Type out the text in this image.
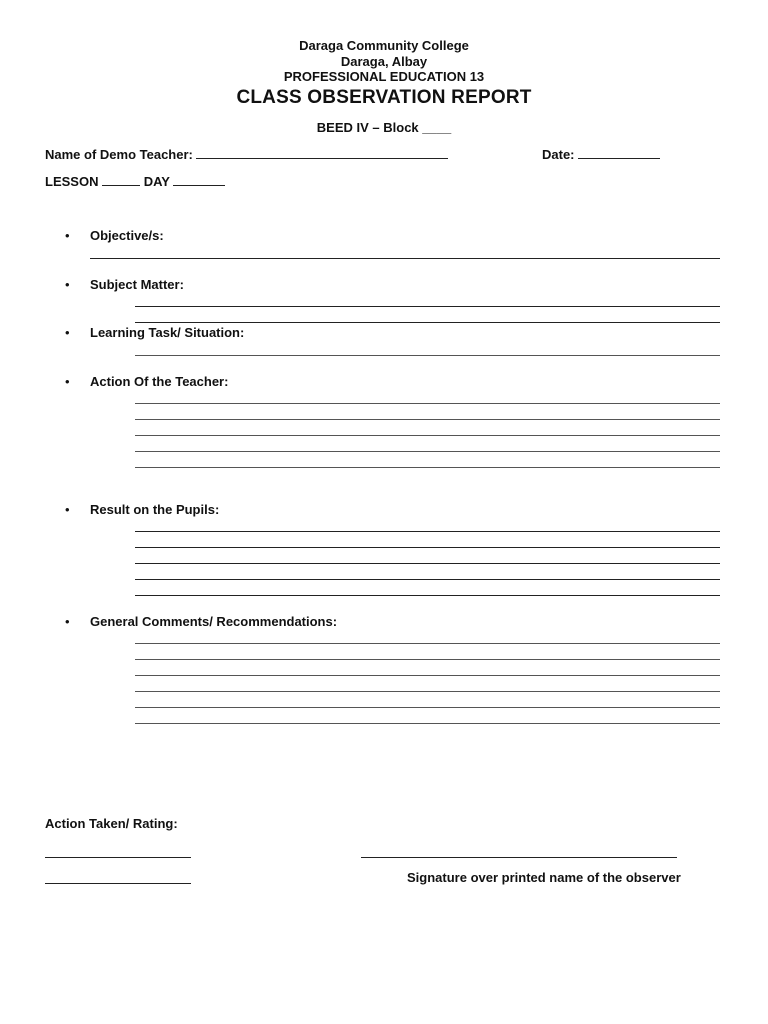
Daraga Community College
Daraga, Albay
PROFESSIONAL EDUCATION 13
CLASS OBSERVATION REPORT
BEED IV – Block ____
Name of Demo Teacher:	Date:
LESSON	DAY
• Objective/s:
• Subject Matter:
• Learning Task/ Situation:
• Action Of the Teacher:
• Result on the Pupils:
• General Comments/ Recommendations:
Action Taken/ Rating:
Signature over printed name of the observer
